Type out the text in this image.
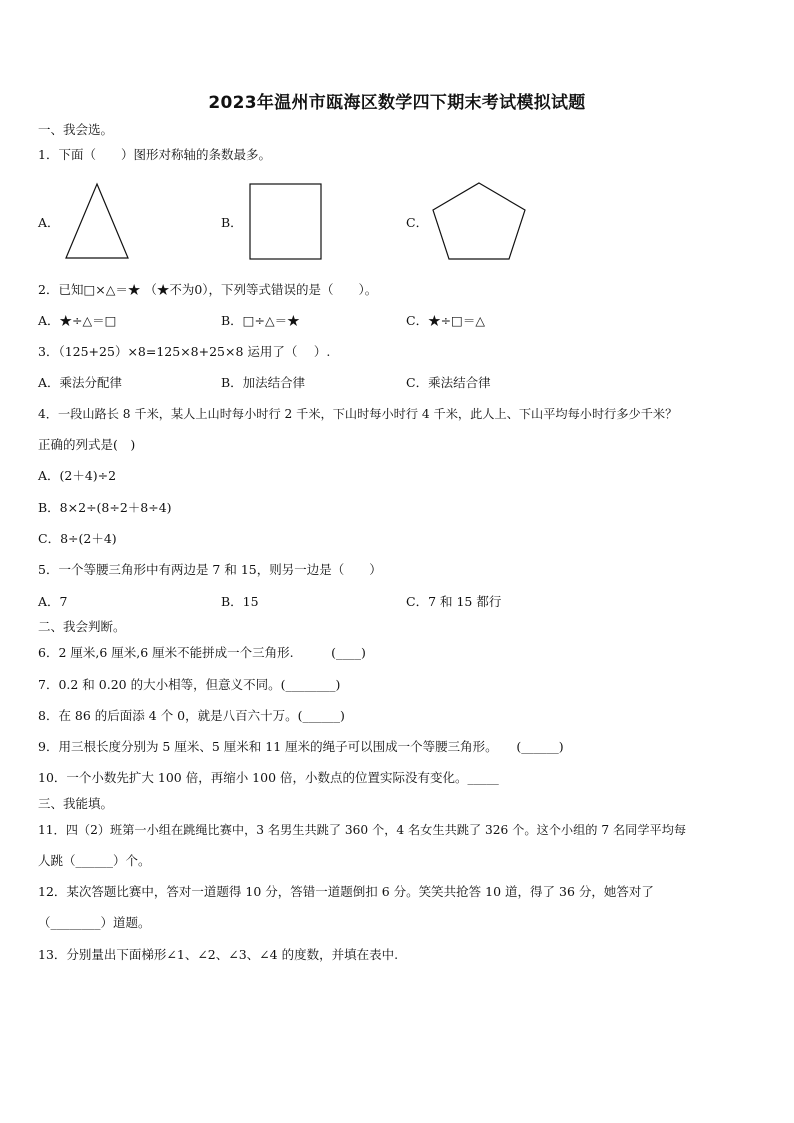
2023年温州市瓯海区数学四下期末考试模拟试题
一、我会选。
1．下面（　　）图形对称轴的条数最多。
A．	B．	C．
2．已知□×△＝★ （★不为0），下列等式错误的是（　　）。
A．★÷△＝□	B．□÷△＝★	C．★÷□＝△
3．（125+25）×8=125×8+25×8 运用了（　 ）.
A．乘法分配律	B．加法结合律	C．乘法结合律
4．一段山路长 8 千米，某人上山时每小时行 2 千米，下山时每小时行 4 千米，此人上、下山平均每小时行多少千米？
正确的列式是(　)
A．(2＋4)÷2
B．8×2÷(8÷2＋8÷4)
C．8÷(2＋4)
5．一个等腰三角形中有两边是 7 和 15，则另一边是（　　）
A．7	B．15	C．7 和 15 都行
二、我会判断。
6．2 厘米,6 厘米,6 厘米不能拼成一个三角形.　　　(____)
7．0.2 和 0.20 的大小相等，但意义不同。(________)
8．在 86 的后面添 4 个 0，就是八百六十万。(______)
9．用三根长度分别为 5 厘米、5 厘米和 11 厘米的绳子可以围成一个等腰三角形。　　(______)
10．一个小数先扩大 100 倍，再缩小 100 倍，小数点的位置实际没有变化。_____
三、我能填。
11．四（2）班第一小组在跳绳比赛中，3 名男生共跳了 360 个，4 名女生共跳了 326 个。这个小组的 7 名同学平均每
人跳（______）个。
12．某次答题比赛中，答对一道题得 10 分，答错一道题倒扣 6 分。笑笑共抢答 10 道，得了 36 分，她答对了
（________）道题。
13．分别量出下面梯形∠1、∠2、∠3、∠4 的度数，并填在表中.
